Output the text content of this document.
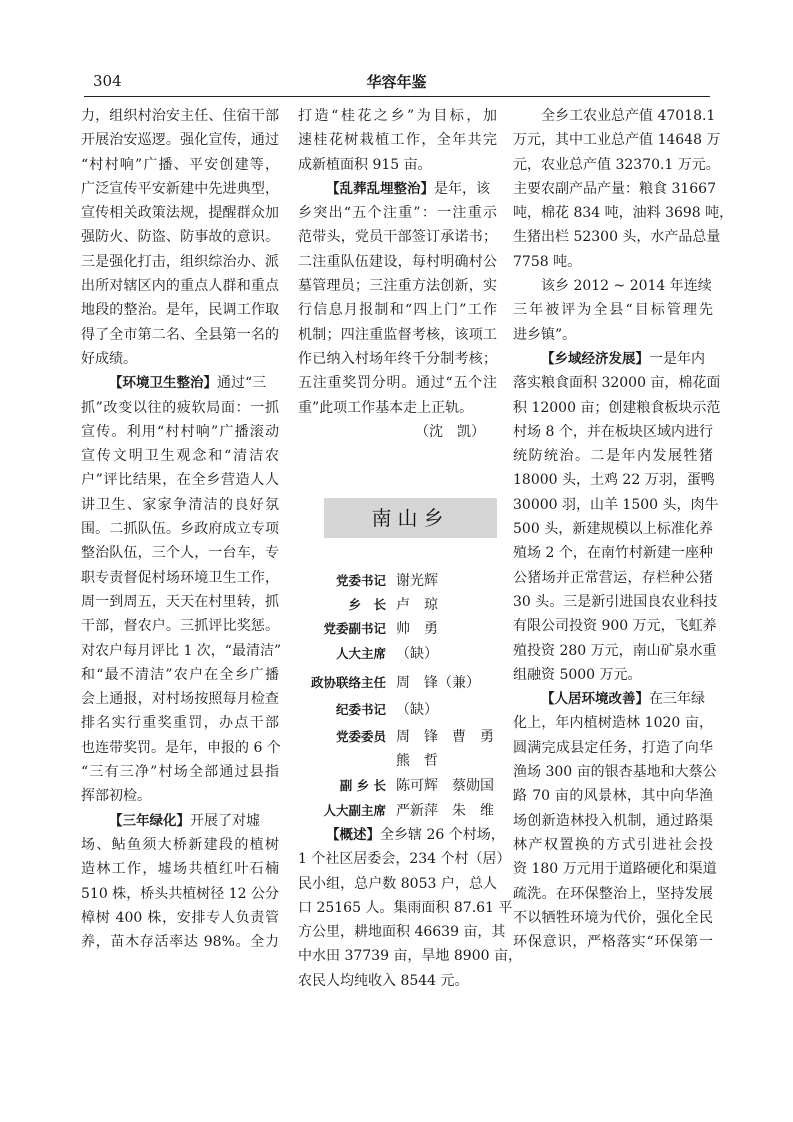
304	华容年鉴
力，组织村治安主任、住宿干部
开展治安巡逻。强化宣传，通过
“村村响”广播、平安创建等，
广泛宣传平安新建中先进典型，
宣传相关政策法规，提醒群众加
强防火、防盗、防事故的意识。
三是强化打击，组织综治办、派
出所对辖区内的重点人群和重点
地段的整治。是年，民调工作取
得了全市第二名、全县第一名的
好成绩。
【环境卫生整治】通过“三
抓”改变以往的疲软局面：一抓
宣传。利用“村村响”广播滚动
宣传文明卫生观念和“清洁农
户”评比结果，在全乡营造人人
讲卫生、家家争清洁的良好氛
围。二抓队伍。乡政府成立专项
整治队伍，三个人，一台车，专
职专责督促村场环境卫生工作，
周一到周五，天天在村里转，抓
干部，督农户。三抓评比奖惩。
对农户每月评比 1 次，“最清洁”
和“最不清洁”农户在全乡广播
会上通报，对村场按照每月检查
排名实行重奖重罚，办点干部
也连带奖罚。是年，申报的 6 个
“三有三净”村场全部通过县指
挥部初检。
【三年绿化】开展了对墟
场、鲇鱼须大桥新建段的植树
造林工作，墟场共植红叶石楠
510 株，桥头共植树径 12 公分
樟树 400 株，安排专人负责管
养，苗木存活率达 98%。全力
打造“桂花之乡”为目标，加
速桂花树栽植工作，全年共完
成新植面积 915 亩。
【乱葬乱埋整治】是年，该
乡突出“五个注重”：一注重示
范带头，党员干部签订承诺书；
二注重队伍建设，每村明确村公
墓管理员；三注重方法创新，实
行信息月报制和“四上门”工作
机制；四注重监督考核，该项工
作已纳入村场年终千分制考核；
五注重奖罚分明。通过“五个注
重”此项工作基本走上正轨。
（沈　凯）
南山乡
党委书记 谢光辉
乡　长 卢　琼
党委副书记 帅　勇
人大主席 （缺）
政协联络主任 周　锋（兼）
纪委书记 （缺）
党委委员 周　锋　曹　勇
熊　哲
副 乡 长 陈可辉　蔡勋国
人大副主席 严新萍　朱　维
【概述】全乡辖 26 个村场，
1 个社区居委会，234 个村（居）
民小组，总户数 8053 户，总人
口 25165 人。集雨面积 87.61 平
方公里，耕地面积 46639 亩，其
中水田 37739 亩，旱地 8900 亩，
农民人均纯收入 8544 元。
全乡工农业总产值 47018.1
万元，其中工业总产值 14648 万
元，农业总产值 32370.1 万元。
主要农副产品产量：粮食 31667
吨，棉花 834 吨，油料 3698 吨，
生猪出栏 52300 头，水产品总量
7758 吨。
该乡 2012 ~ 2014 年连续
三年被评为全县“目标管理先
进乡镇”。
【乡域经济发展】一是年内
落实粮食面积 32000 亩，棉花面
积 12000 亩；创建粮食板块示范
村场 8 个，并在板块区域内进行
统防统治。二是年内发展牲猪
18000 头，土鸡 22 万羽，蛋鸭
30000 羽，山羊 1500 头，肉牛
500 头，新建规模以上标准化养
殖场 2 个，在南竹村新建一座种
公猪场并正常营运，存栏种公猪
30 头。三是新引进国良农业科技
有限公司投资 900 万元，飞虹养
殖投资 280 万元，南山矿泉水重
组融资 5000 万元。
【人居环境改善】在三年绿
化上，年内植树造林 1020 亩，
圆满完成县定任务，打造了向华
渔场 300 亩的银杏基地和大蔡公
路 70 亩的风景林，其中向华渔
场创新造林投入机制，通过路渠
林产权置换的方式引进社会投
资 180 万元用于道路硬化和渠道
疏洗。在环保整治上，坚持发展
不以牺牲环境为代价，强化全民
环保意识，严格落实“环保第一
